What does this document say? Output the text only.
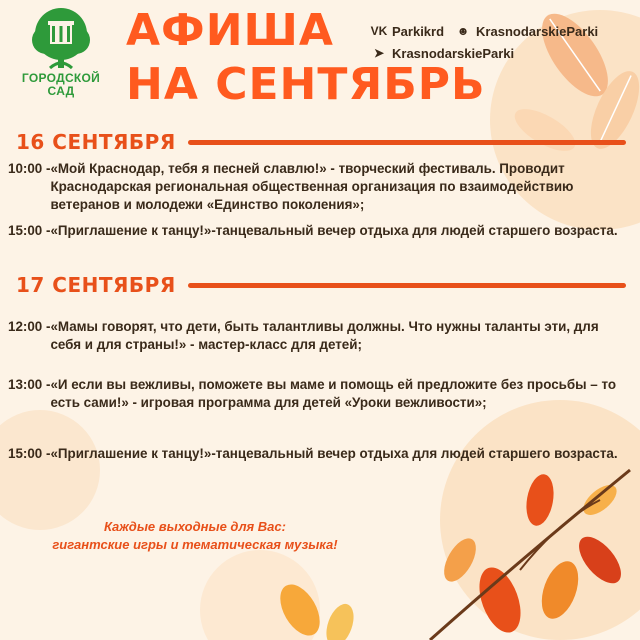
ГОРОДСКОЙ
САД
АФИША
НА СЕНТЯБРЬ
VK Parkikrd ☻ KrasnodarskieParki
➤ KrasnodarskieParki
16 СЕНТЯБРЯ
10:00 - «Мой Краснодар, тебя я песней славлю!» - творческий фестиваль. Проводит Краснодарская региональная общественная организация по взаимодействию ветеранов и молодежи «Единство поколения»;
15:00 - «Приглашение к танцу!»-танцевальный вечер отдыха для людей старшего возраста.
17 СЕНТЯБРЯ
12:00 - «Мамы говорят, что дети, быть талантливы должны. Что нужны таланты эти, для себя и для страны!» - мастер-класс для детей;
13:00 - «И если вы вежливы, поможете вы маме и помощь ей предложите без просьбы – то есть сами!» - игровая программа для детей «Уроки вежливости»;
15:00 - «Приглашение к танцу!»-танцевальный вечер отдыха для людей старшего возраста.
Каждые выходные для Вас:
гигантские игры и тематическая музыка!
